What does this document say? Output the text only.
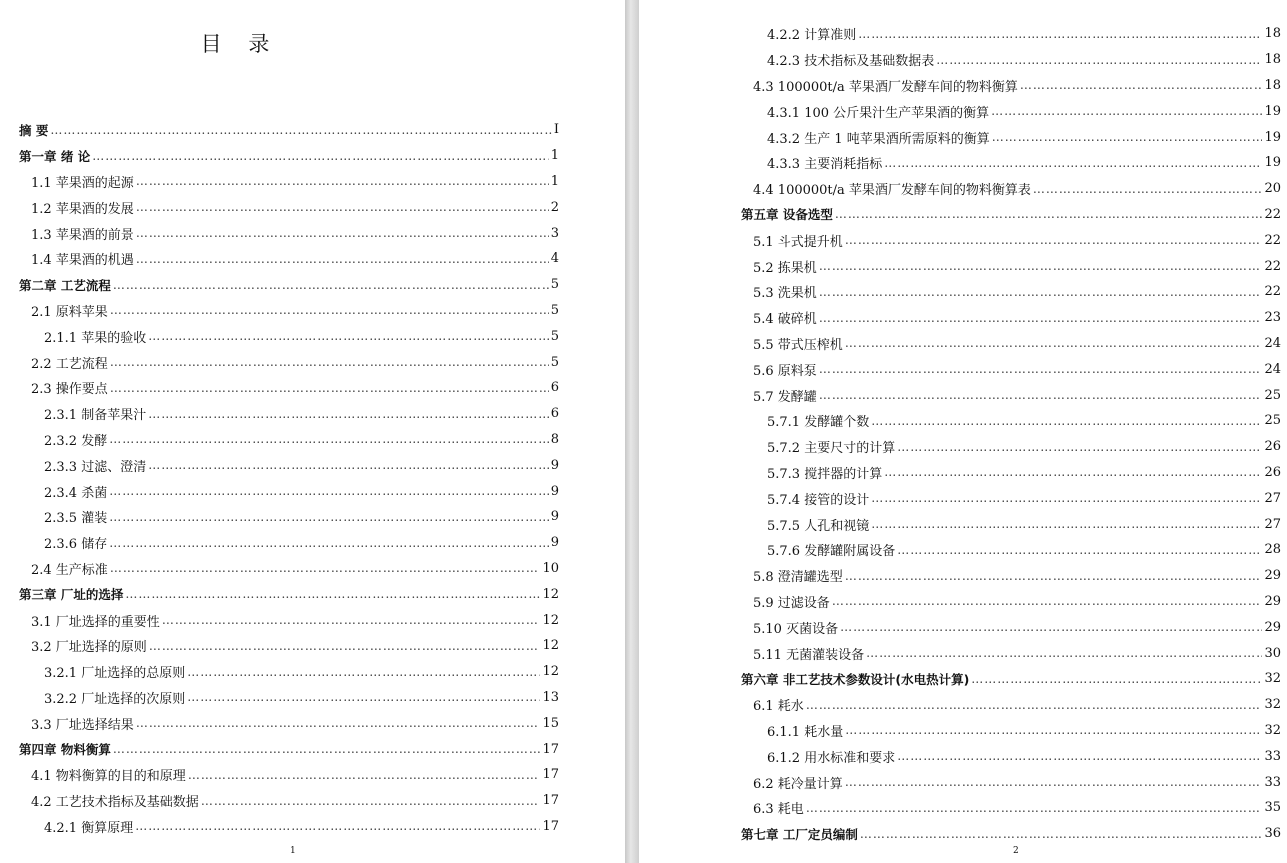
目 录
摘 要 ………………………………………………………………………………………………………………………………………………………………………………………………………………………………	I
第一章 绪 论 ………………………………………………………………………………………………………………………………………………………………………………………………………………………………	1
1.1 苹果酒的起源 ………………………………………………………………………………………………………………………………………………………………………………………………………………………………	1
1.2 苹果酒的发展 ………………………………………………………………………………………………………………………………………………………………………………………………………………………………	2
1.3 苹果酒的前景 ………………………………………………………………………………………………………………………………………………………………………………………………………………………………	3
1.4 苹果酒的机遇 ………………………………………………………………………………………………………………………………………………………………………………………………………………………………	4
第二章 工艺流程 ………………………………………………………………………………………………………………………………………………………………………………………………………………………………	5
2.1 原料苹果 ………………………………………………………………………………………………………………………………………………………………………………………………………………………………	5
2.1.1 苹果的验收 ………………………………………………………………………………………………………………………………………………………………………………………………………………………………	5
2.2 工艺流程 ………………………………………………………………………………………………………………………………………………………………………………………………………………………………	5
2.3 操作要点 ………………………………………………………………………………………………………………………………………………………………………………………………………………………………	6
2.3.1 制备苹果汁 ………………………………………………………………………………………………………………………………………………………………………………………………………………………………	6
2.3.2 发酵 ………………………………………………………………………………………………………………………………………………………………………………………………………………………………	8
2.3.3 过滤、澄清 ………………………………………………………………………………………………………………………………………………………………………………………………………………………………	9
2.3.4 杀菌 ………………………………………………………………………………………………………………………………………………………………………………………………………………………………	9
2.3.5 灌装 ………………………………………………………………………………………………………………………………………………………………………………………………………………………………	9
2.3.6 储存 ………………………………………………………………………………………………………………………………………………………………………………………………………………………………	9
2.4 生产标准 ………………………………………………………………………………………………………………………………………………………………………………………………………………………………	10
第三章 厂址的选择 ………………………………………………………………………………………………………………………………………………………………………………………………………………………………	12
3.1 厂址选择的重要性 ………………………………………………………………………………………………………………………………………………………………………………………………………………………………	12
3.2 厂址选择的原则 ………………………………………………………………………………………………………………………………………………………………………………………………………………………………	12
3.2.1 厂址选择的总原则 ………………………………………………………………………………………………………………………………………………………………………………………………………………………………	12
3.2.2 厂址选择的次原则 ………………………………………………………………………………………………………………………………………………………………………………………………………………………………	13
3.3 厂址选择结果 ………………………………………………………………………………………………………………………………………………………………………………………………………………………………	15
第四章 物料衡算 ………………………………………………………………………………………………………………………………………………………………………………………………………………………………	17
4.1 物料衡算的目的和原理 ………………………………………………………………………………………………………………………………………………………………………………………………………………………………	17
4.2 工艺技术指标及基础数据 ………………………………………………………………………………………………………………………………………………………………………………………………………………………………	17
4.2.1 衡算原理 ………………………………………………………………………………………………………………………………………………………………………………………………………………………………	17
1
4.2.2 计算准则 ………………………………………………………………………………………………………………………………………………………………………………………………………………………………	18
4.2.3 技术指标及基础数据表 ………………………………………………………………………………………………………………………………………………………………………………………………………………………………	18
4.3 100000t/a 苹果酒厂发酵车间的物料衡算 ………………………………………………………………………………………………………………………………………………………………………………………………………………………………	18
4.3.1 100 公斤果汁生产苹果酒的衡算 ………………………………………………………………………………………………………………………………………………………………………………………………………………………………	19
4.3.2 生产 1 吨苹果酒所需原料的衡算 ………………………………………………………………………………………………………………………………………………………………………………………………………………………………	19
4.3.3 主要消耗指标 ………………………………………………………………………………………………………………………………………………………………………………………………………………………………	19
4.4 100000t/a 苹果酒厂发酵车间的物料衡算表 ………………………………………………………………………………………………………………………………………………………………………………………………………………………………	20
第五章 设备选型 ………………………………………………………………………………………………………………………………………………………………………………………………………………………………	22
5.1 斗式提升机 ………………………………………………………………………………………………………………………………………………………………………………………………………………………………	22
5.2 拣果机 ………………………………………………………………………………………………………………………………………………………………………………………………………………………………	22
5.3 洗果机 ………………………………………………………………………………………………………………………………………………………………………………………………………………………………	22
5.4 破碎机 ………………………………………………………………………………………………………………………………………………………………………………………………………………………………	23
5.5 带式压榨机 ………………………………………………………………………………………………………………………………………………………………………………………………………………………………	24
5.6 原料泵 ………………………………………………………………………………………………………………………………………………………………………………………………………………………………	24
5.7 发酵罐 ………………………………………………………………………………………………………………………………………………………………………………………………………………………………	25
5.7.1 发酵罐个数 ………………………………………………………………………………………………………………………………………………………………………………………………………………………………	25
5.7.2 主要尺寸的计算 ………………………………………………………………………………………………………………………………………………………………………………………………………………………………	26
5.7.3 搅拌器的计算 ………………………………………………………………………………………………………………………………………………………………………………………………………………………………	26
5.7.4 接管的设计 ………………………………………………………………………………………………………………………………………………………………………………………………………………………………	27
5.7.5 人孔和视镜 ………………………………………………………………………………………………………………………………………………………………………………………………………………………………	27
5.7.6 发酵罐附属设备 ………………………………………………………………………………………………………………………………………………………………………………………………………………………………	28
5.8 澄清罐选型 ………………………………………………………………………………………………………………………………………………………………………………………………………………………………	29
5.9 过滤设备 ………………………………………………………………………………………………………………………………………………………………………………………………………………………………	29
5.10 灭菌设备 ………………………………………………………………………………………………………………………………………………………………………………………………………………………………	29
5.11 无菌灌装设备 ………………………………………………………………………………………………………………………………………………………………………………………………………………………………	30
第六章 非工艺技术参数设计(水电热计算) ………………………………………………………………………………………………………………………………………………………………………………………………………………………………	32
6.1 耗水 ………………………………………………………………………………………………………………………………………………………………………………………………………………………………	32
6.1.1 耗水量 ………………………………………………………………………………………………………………………………………………………………………………………………………………………………	32
6.1.2 用水标准和要求 ………………………………………………………………………………………………………………………………………………………………………………………………………………………………	33
6.2 耗冷量计算 ………………………………………………………………………………………………………………………………………………………………………………………………………………………………	33
6.3 耗电 ………………………………………………………………………………………………………………………………………………………………………………………………………………………………	35
第七章 工厂定员编制 ………………………………………………………………………………………………………………………………………………………………………………………………………………………………	36
2
